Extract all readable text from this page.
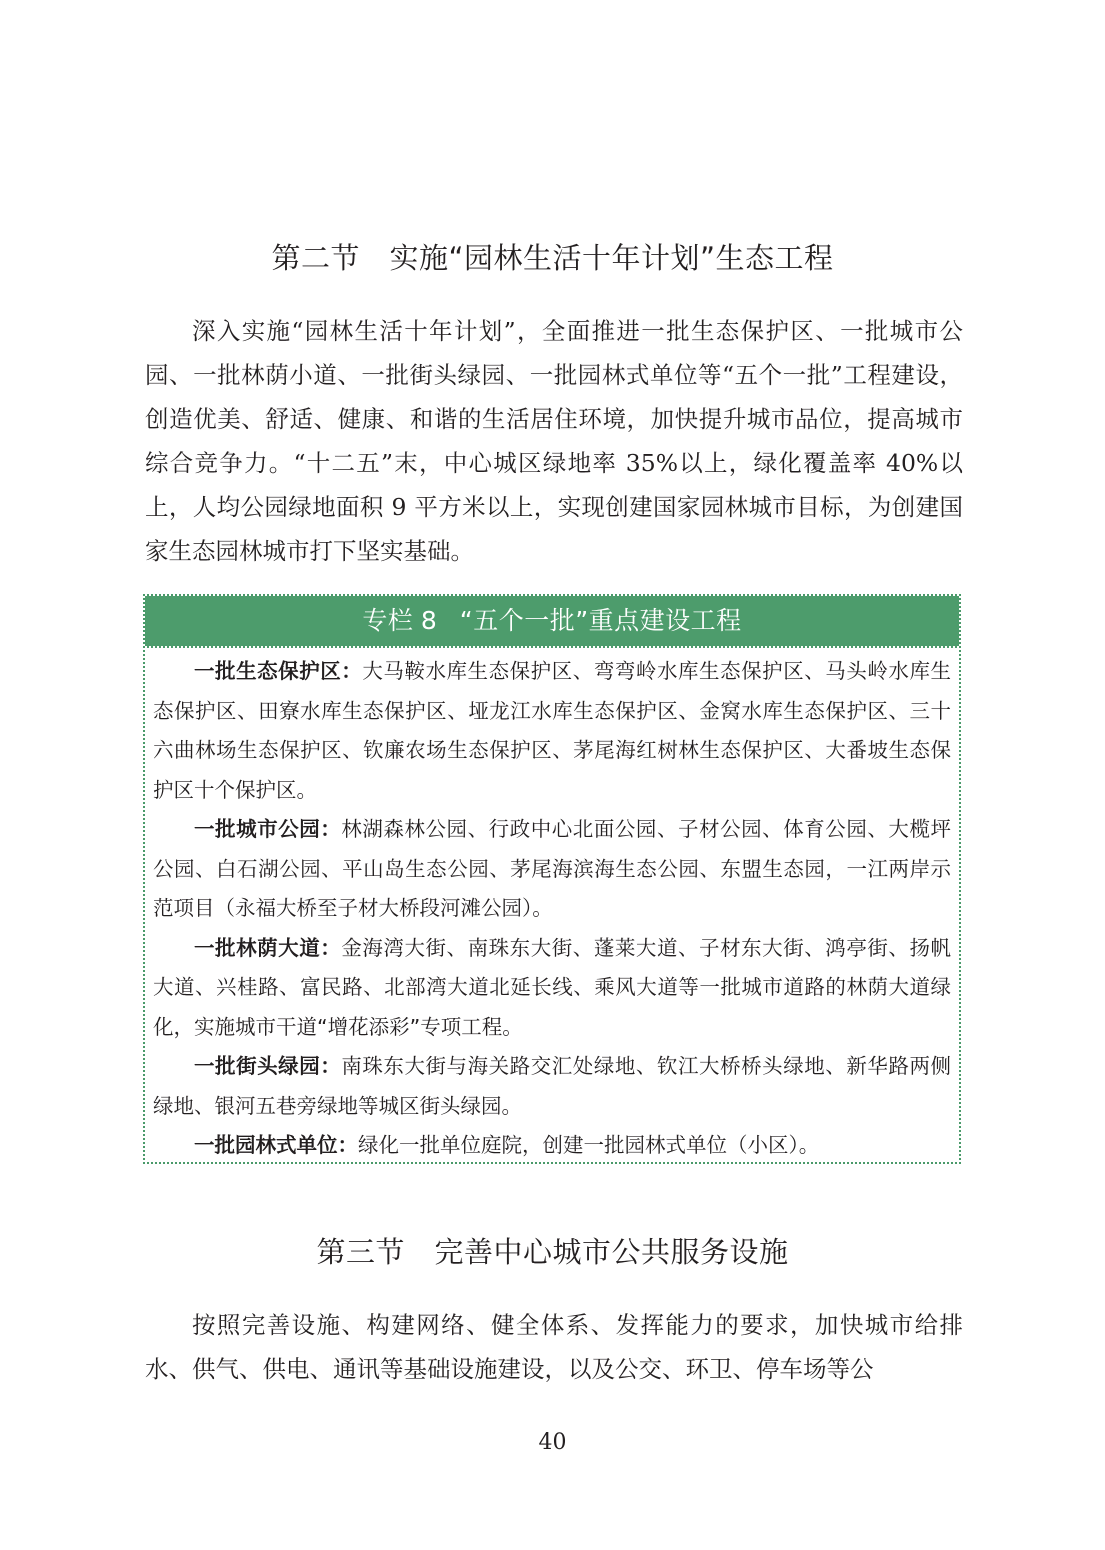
第二节　实施“园林生活十年计划”生态工程

深入实施“园林生活十年计划”，全面推进一批生态保护区、一批城市公园、一批林荫小道、一批街头绿园、一批园林式单位等“五个一批”工程建设，创造优美、舒适、健康、和谐的生活居住环境，加快提升城市品位，提高城市综合竞争力。“十二五”末，中心城区绿地率 35%以上，绿化覆盖率 40%以上，人均公园绿地面积 9 平方米以上，实现创建国家园林城市目标，为创建国家生态园林城市打下坚实基础。

专栏 8 “五个一批”重点建设工程

一批生态保护区：大马鞍水库生态保护区、弯弯岭水库生态保护区、马头岭水库生态保护区、田寮水库生态保护区、垭龙江水库生态保护区、金窝水库生态保护区、三十六曲林场生态保护区、钦廉农场生态保护区、茅尾海红树林生态保护区、大番坡生态保护区十个保护区。

一批城市公园：林湖森林公园、行政中心北面公园、子材公园、体育公园、大榄坪公园、白石湖公园、平山岛生态公园、茅尾海滨海生态公园、东盟生态园，一江两岸示范项目（永福大桥至子材大桥段河滩公园）。

一批林荫大道：金海湾大街、南珠东大街、蓬莱大道、子材东大街、鸿亭街、扬帆大道、兴桂路、富民路、北部湾大道北延长线、乘风大道等一批城市道路的林荫大道绿化，实施城市干道“增花添彩”专项工程。

一批街头绿园：南珠东大街与海关路交汇处绿地、钦江大桥桥头绿地、新华路两侧绿地、银河五巷旁绿地等城区街头绿园。

一批园林式单位：绿化一批单位庭院，创建一批园林式单位（小区）。

第三节　完善中心城市公共服务设施

按照完善设施、构建网络、健全体系、发挥能力的要求，加快城市给排水、供气、供电、通讯等基础设施建设，以及公交、环卫、停车场等公

40
